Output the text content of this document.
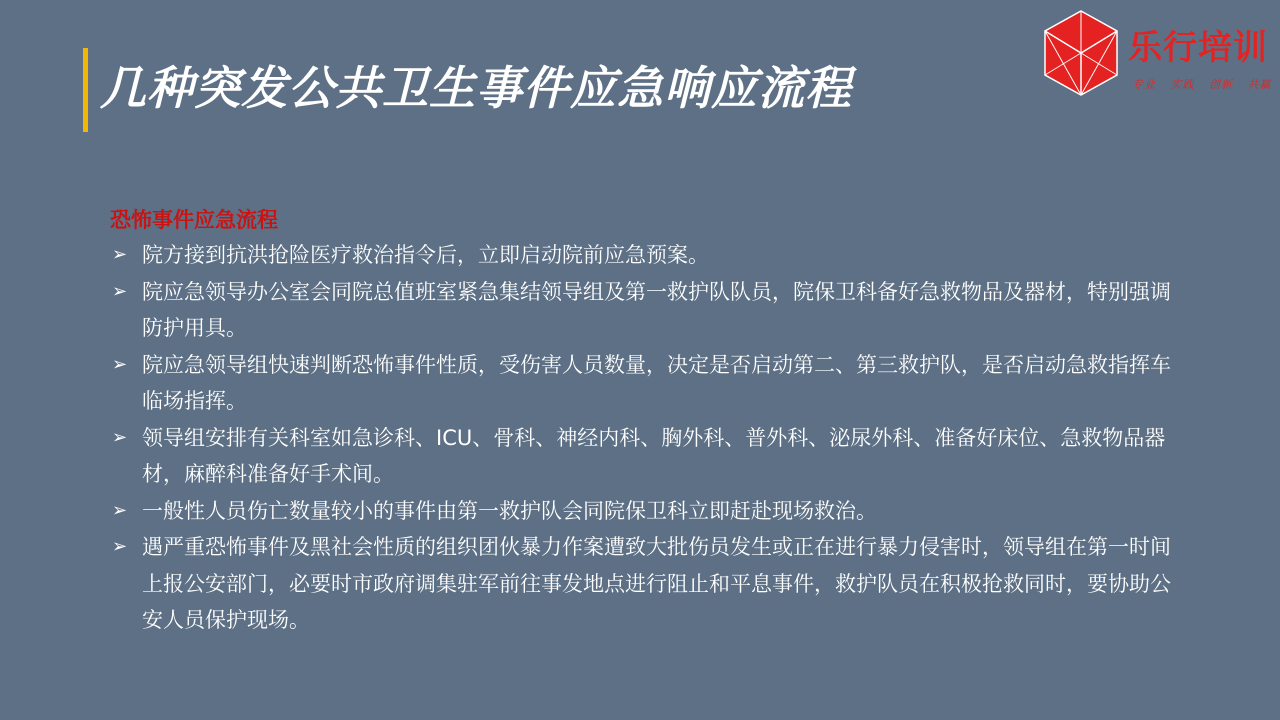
几种突发公共卫生事件应急响应流程
乐行培训
专业 实践 创新 共赢
恐怖事件应急流程
➢ 院方接到抗洪抢险医疗救治指令后，立即启动院前应急预案。
➢ 院应急领导办公室会同院总值班室紧急集结领导组及第一救护队队员，院保卫科备好急救物品及器材，特别强调防护用具。
➢ 院应急领导组快速判断恐怖事件性质，受伤害人员数量，决定是否启动第二、第三救护队，是否启动急救指挥车临场指挥。
➢ 领导组安排有关科室如急诊科、ICU、骨科、神经内科、胸外科、普外科、泌尿外科、准备好床位、急救物品器材，麻醉科准备好手术间。
➢ 一般性人员伤亡数量较小的事件由第一救护队会同院保卫科立即赶赴现场救治。
➢ 遇严重恐怖事件及黑社会性质的组织团伙暴力作案遭致大批伤员发生或正在进行暴力侵害时，领导组在第一时间上报公安部门，必要时市政府调集驻军前往事发地点进行阻止和平息事件，救护队员在积极抢救同时，要协助公安人员保护现场。
